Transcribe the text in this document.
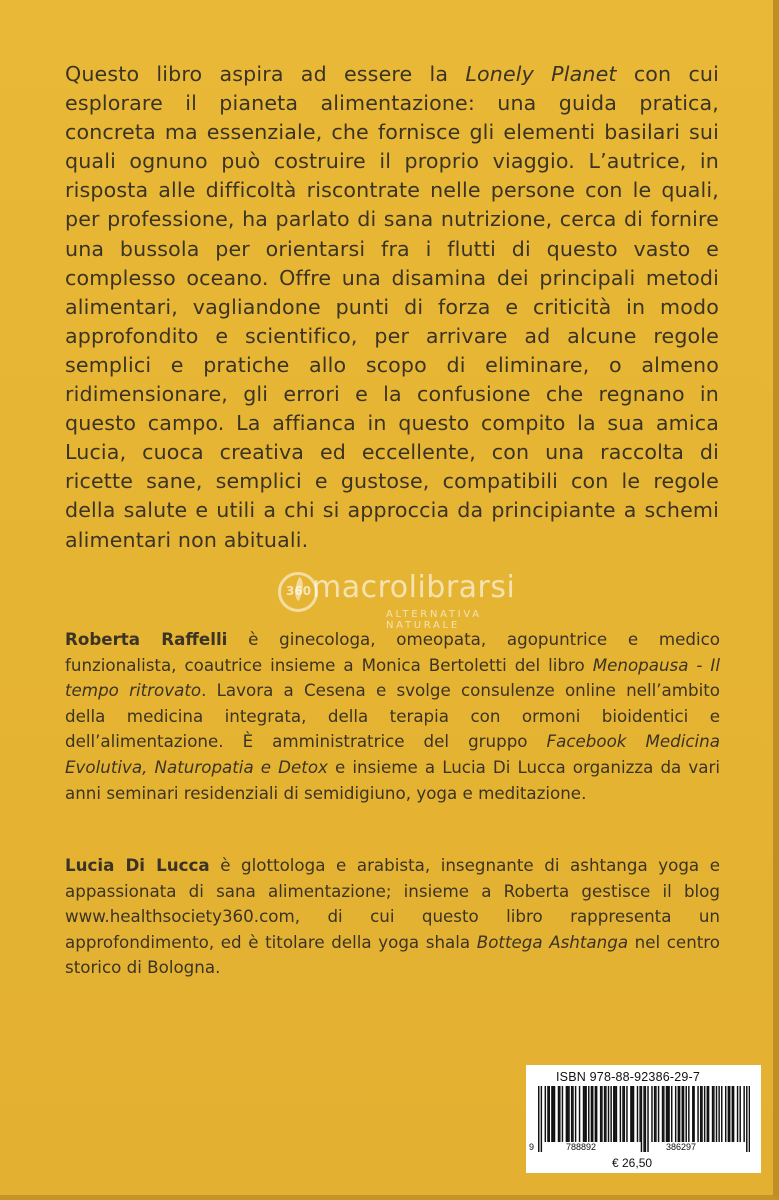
Questo libro aspira ad essere la Lonely Planet con cui esplorare il pianeta alimentazione: una guida pratica, concreta ma essenziale, che fornisce gli elementi basilari sui quali ognuno può costruire il proprio viaggio. L’autrice, in risposta alle difficoltà riscontrate nelle persone con le quali, per professione, ha parlato di sana nutrizione, cerca di fornire una bussola per orientarsi fra i flutti di questo vasto e complesso oceano. Offre una disamina dei principali metodi alimentari, vagliandone punti di forza e criticità in modo approfondito e scientifico, per arrivare ad alcune regole semplici e pratiche allo scopo di eliminare, o almeno ridimensionare, gli errori e la confusione che regnano in questo campo. La affianca in questo compito la sua amica Lucia, cuoca creativa ed eccellente, con una raccolta di ricette sane, semplici e gustose, compatibili con le regole della salute e utili a chi si approccia da principiante a schemi alimentari non abituali.

360 macrolibrarsi
ALTERNATIVA NATURALE

Roberta Raffelli è ginecologa, omeopata, agopuntrice e medico funzionalista, coautrice insieme a Monica Bertoletti del libro Menopausa - Il tempo ritrovato. Lavora a Cesena e svolge consulenze online nell’ambito della medicina integrata, della terapia con ormoni bioidentici e dell’alimentazione. È amministratrice del gruppo Facebook Medicina Evolutiva, Naturopatia e Detox e insieme a Lucia Di Lucca organizza da vari anni seminari residenziali di semidigiuno, yoga e meditazione.

Lucia Di Lucca è glottologa e arabista, insegnante di ashtanga yoga e appassionata di sana alimentazione; insieme a Roberta gestisce il blog www.healthsociety360.com, di cui questo libro rappresenta un approfondimento, ed è titolare della yoga shala Bottega Ashtanga nel centro storico di Bologna.

ISBN 978-88-92386-29-7
9	788892	386297
€ 26,50
